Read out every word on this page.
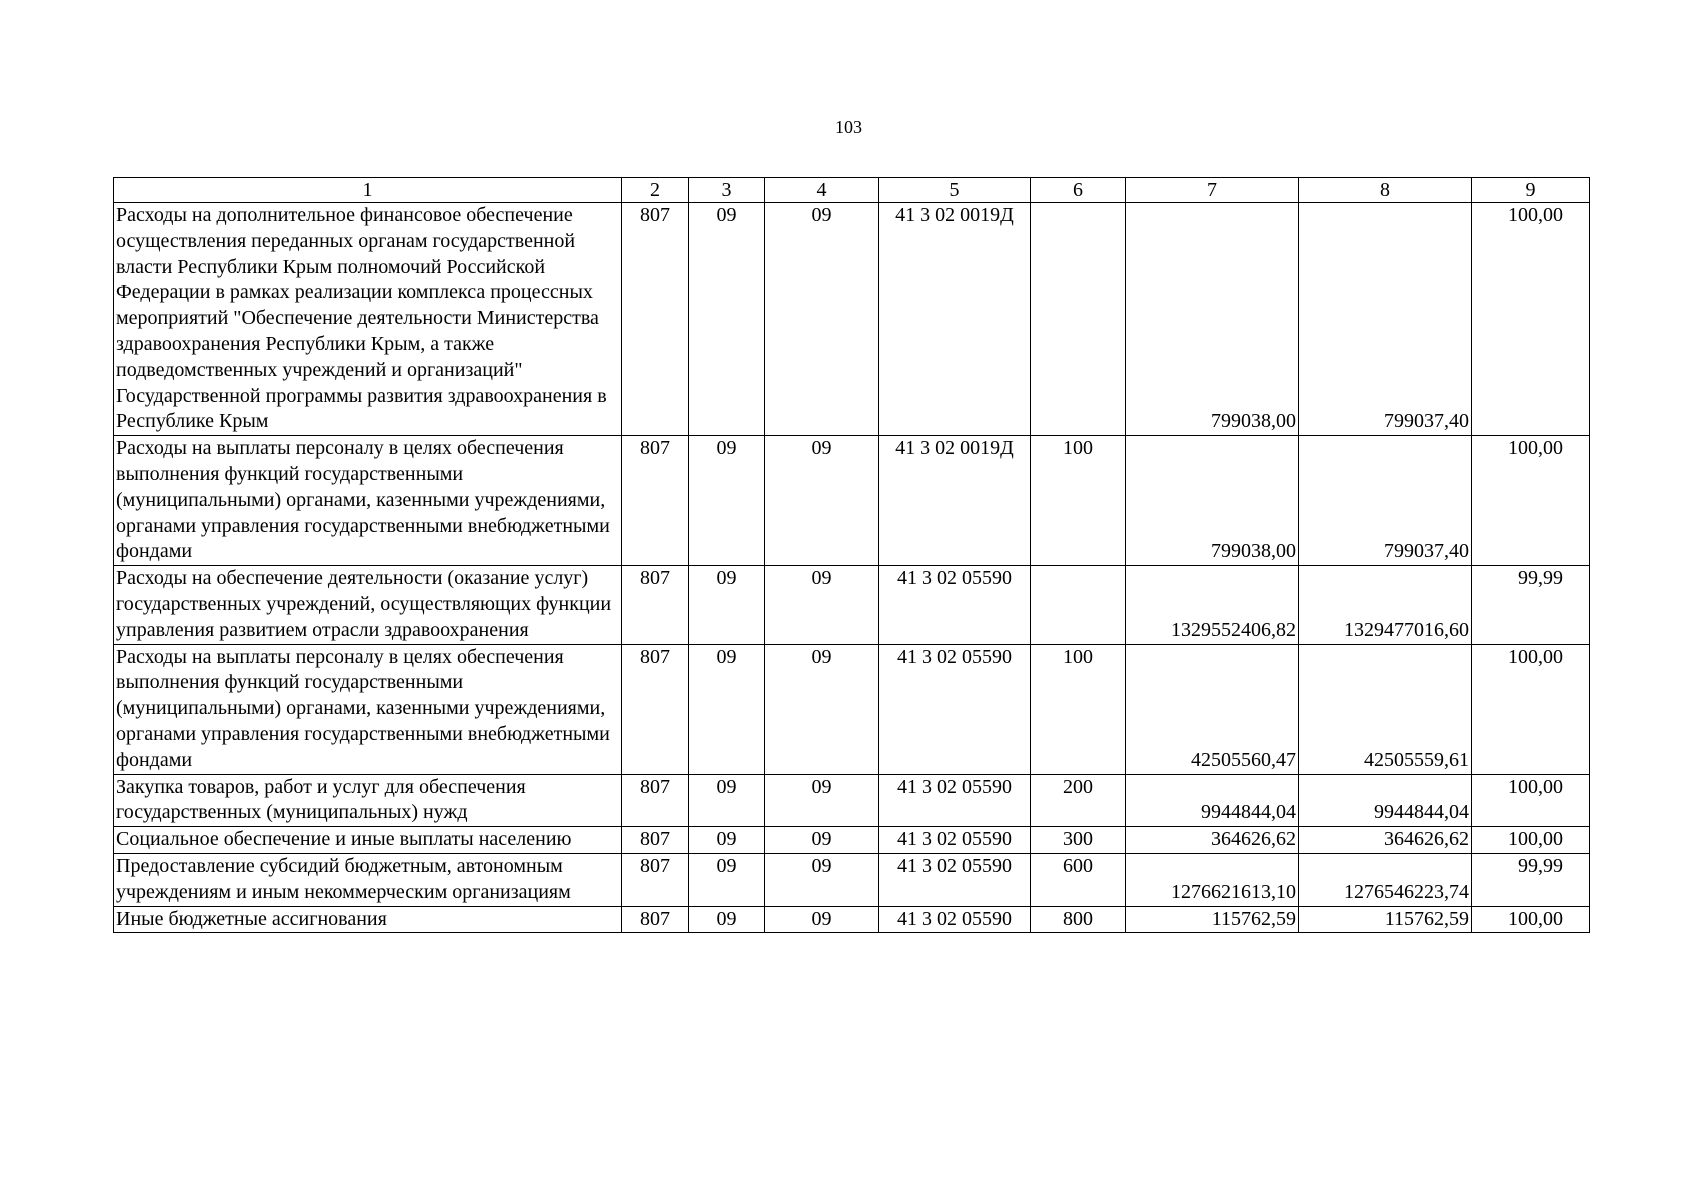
103
1	2	3	4	5	6	7	8	9
Расходы на дополнительное финансовое обеспечение осуществления переданных органам государственной власти Республики Крым полномочий Российской Федерации в рамках реализации комплекса процессных мероприятий "Обеспечение деятельности Министерства здравоохранения Республики Крым, а также подведомственных учреждений и организаций" Государственной программы развития здравоохранения в Республике Крым	807	09	09	41 3 02 0019Д		799038,00	799037,40	100,00
Расходы на выплаты персоналу в целях обеспечения выполнения функций государственными (муниципальными) органами, казенными учреждениями, органами управления государственными внебюджетными фондами	807	09	09	41 3 02 0019Д	100	799038,00	799037,40	100,00
Расходы на обеспечение деятельности (оказание услуг) государственных учреждений, осуществляющих функции управления развитием отрасли здравоохранения	807	09	09	41 3 02 05590		1329552406,82	1329477016,60	99,99
Расходы на выплаты персоналу в целях обеспечения выполнения функций государственными (муниципальными) органами, казенными учреждениями, органами управления государственными внебюджетными фондами	807	09	09	41 3 02 05590	100	42505560,47	42505559,61	100,00
Закупка товаров, работ и услуг для обеспечения государственных (муниципальных) нужд	807	09	09	41 3 02 05590	200	9944844,04	9944844,04	100,00
Социальное обеспечение и иные выплаты населению	807	09	09	41 3 02 05590	300	364626,62	364626,62	100,00
Предоставление субсидий бюджетным, автономным учреждениям и иным некоммерческим организациям	807	09	09	41 3 02 05590	600	1276621613,10	1276546223,74	99,99
Иные бюджетные ассигнования	807	09	09	41 3 02 05590	800	115762,59	115762,59	100,00
